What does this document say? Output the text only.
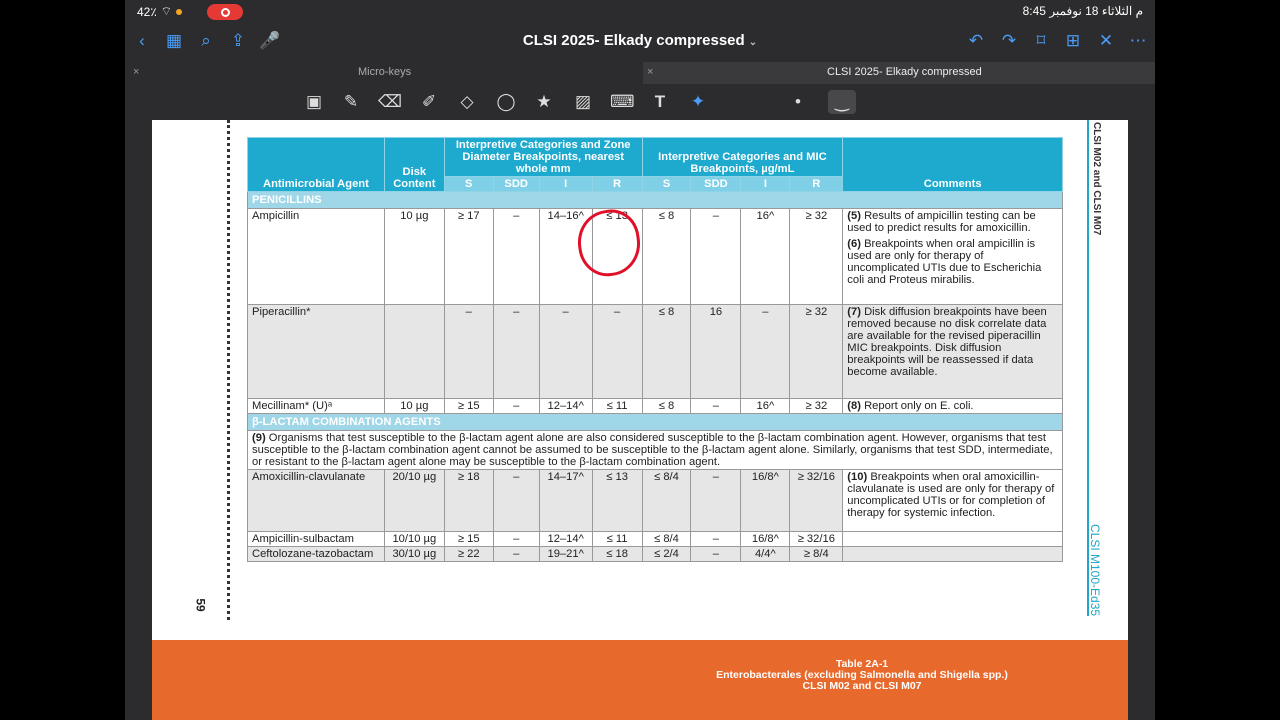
42٪ ⌔	8:45 م الثلاثاء 18 نوفمبر
‹	▦	⌕	⇪ 🎤	CLSI 2025- Elkady compressed ⌄	↶ ↷	⌑	⊞ ✕ ⋯
×	Micro-keys	×	CLSI 2025- Elkady compressed
▣ ✎ ⌫ ✐	◇	◯ ★ ▨ ⌨	T	✦	•	‿
59
CLSI M02 and CLSI M07
CLSI M100-Ed35
Antimicrobial Agent	Disk Content	Interpretive Categories and Zone Diameter Breakpoints, nearest whole mm				Interpretive Categories and MIC Breakpoints, µg/mL				Comments
		S	SDD	I	R	S	SDD	I	R	
PENICILLINS										
Ampicillin	10 µg	≥ 17	–	14–16^	≤ 13	≤ 8	–	16^	≥ 32	(5) Results of ampicillin testing can be used to predict results for amoxicillin.

(6) Breakpoints when oral ampicillin is used are only for therapy of uncomplicated UTIs due to Escherichia coli and Proteus mirabilis.

Piperacillin*		–	–	–	–	≤ 8	16	–	≥ 32	(7) Disk diffusion breakpoints have been removed because no disk correlate data are available for the revised piperacillin MIC breakpoints. Disk diffusion breakpoints will be reassessed if data become available.

Mecillinam* (U)ᵃ	10 µg	≥ 15	–	12–14^	≤ 11	≤ 8	–	16^	≥ 32	(8) Report only on E. coli.
β-LACTAM COMBINATION AGENTS										
(9) Organisms that test susceptible to the β-lactam agent alone are also considered susceptible to the β-lactam combination agent. However, organisms that test susceptible to the β-lactam combination agent cannot be assumed to be susceptible to the β-lactam agent alone. Similarly, organisms that test SDD, intermediate, or resistant to the β-lactam agent alone may be susceptible to the β-lactam combination agent.										
Amoxicillin-clavulanate	20/10 µg	≥ 18	–	14–17^	≤ 13	≤ 8/4	–	16/8^	≥ 32/16	(10) Breakpoints when oral amoxicillin-clavulanate is used are only for therapy of uncomplicated UTIs or for completion of therapy for systemic infection.
Ampicillin-sulbactam	10/10 µg	≥ 15	–	12–14^	≤ 11	≤ 8/4	–	16/8^	≥ 32/16	
Ceftolozane-tazobactam	30/10 µg	≥ 22	–	19–21^	≤ 18	≤ 2/4	–	4/4^	≥ 8/4	
Table 2A-1
Enterobacterales (excluding Salmonella and Shigella spp.)
CLSI M02 and CLSI M07
